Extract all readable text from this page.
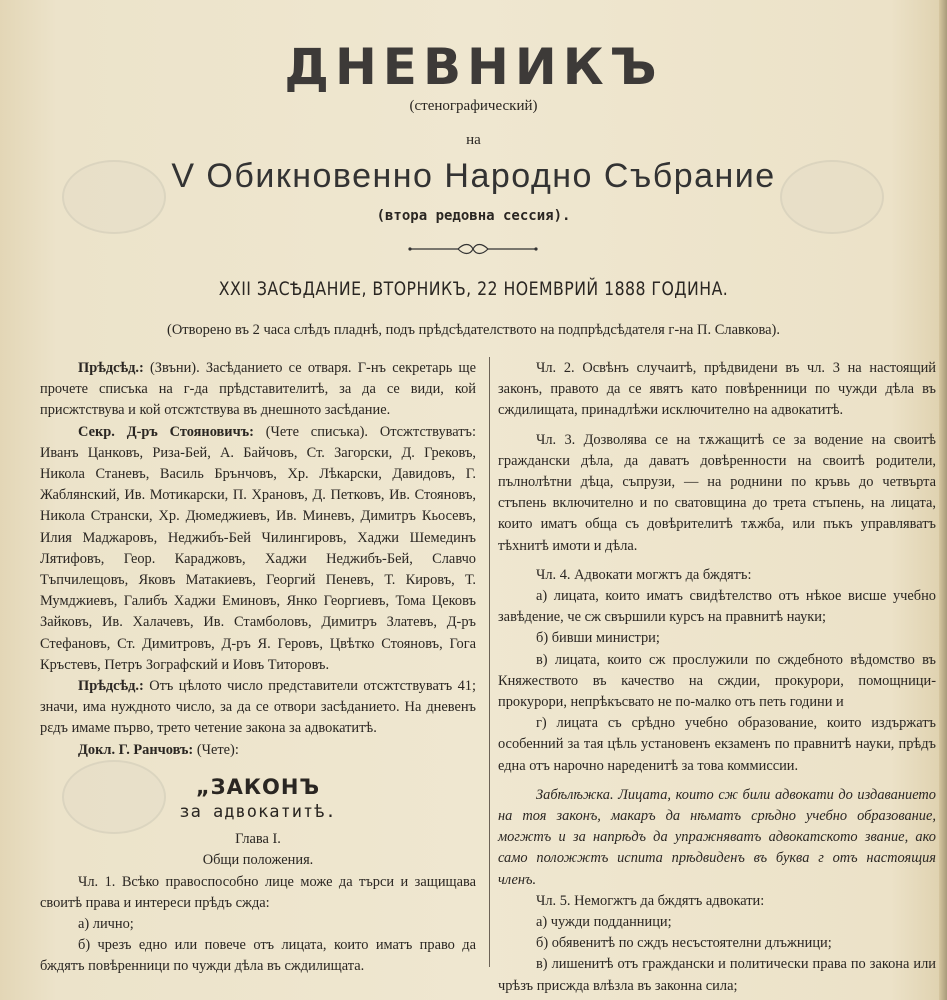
ДНЕВНИКЪ
(стенографический)
на
V Обикновенно Народно Събрание
(втора редовна сессия).
XXII ЗАСѢДАНИЕ, ВТОРНИКЪ, 22 НОЕМВРИЙ 1888 ГОДИНА.
(Отворено въ 2 часа слѣдъ пладнѣ, подъ прѣдсѣдателството на подпрѣдсѣдателя г-на П. Славкова).

Прѣдсѣд.: (Звъни). Засѣданието се отваря. Г-нъ секретарь ще прочете списъка на г-да прѣдставителитѣ, за да се види, кой присжтствува и кой отсжтствува въ днешното засѣдание.

Секр. Д-ръ Стояновичъ: (Чете списъка). Отсжтствуватъ: Иванъ Цанковъ, Риза-Бей, А. Байчовъ, Ст. Загорски, Д. Грековъ, Никола Станевъ, Василь Брънчовъ, Хр. Лѣкарски, Давидовъ, Г. Жаблянский, Ив. Мотикарски, П. Храновъ, Д. Петковъ, Ив. Стояновъ, Никола Странски, Хр. Дюмеджиевъ, Ив. Миневъ, Димитръ Кьосевъ, Илия Маджаровъ, Неджибъ-Бей Чилингировъ, Хаджи Шемединъ Лятифовъ, Геор. Караджовъ, Хаджи Неджибъ-Бей, Славчо Тъпчилещовъ, Яковъ Матакиевъ, Георгий Пеневъ, Т. Кировъ, Т. Мумджиевъ, Галибъ Хаджи Еминовъ, Янко Георгиевъ, Тома Цековъ Зайковъ, Ив. Халачевъ, Ив. Стамболовъ, Димитръ Златевъ, Д-ръ Стефановъ, Ст. Димитровъ, Д-ръ Я. Геровъ, Цвѣтко Стояновъ, Гога Кръстевъ, Петръ Зографский и Иовъ Титоровъ.

Прѣдсѣд.: Отъ цѣлото число представители отсжтствуватъ 41; значи, има нуждното число, за да се отвори засѣданието. На дневенъ рεдъ имаме първо, трето четение закона за адвокатитѣ.

Докл. Г. Ранчовъ: (Чете):

„ЗАКОНЪ
за адвокатитѣ.

Глава I.

Общи положения.

Чл. 1. Всѣко правоспособно лице може да търси и защищава своитѣ права и интереси прѣдъ сжда:

а) лично;

б) чрезъ едно или повече отъ лицата, които иматъ право да бждятъ повѣренници по чужди дѣла въ сждилищата.

Чл. 2. Освѣнъ случаитѣ, прѣдвидени въ чл. 3 на настоящий законъ, правото да се явятъ като повѣренници по чужди дѣла въ сждилищата, принадлѣжи исключително на адвокатитѣ.

Чл. 3. Дозволява се на тѫжащитѣ се за водение на своитѣ граждански дѣла, да даватъ довѣренности на своитѣ родители, пълнолѣтни дѣца, съпрузи, — на роднини по кръвь до четвърта стъпень включително и по сватовщина до трета стъпень, на лицата, които иматъ обща съ довѣрителитѣ тѫжба, или пъкъ управляватъ тѣхнитѣ имоти и дѣла.

Чл. 4. Адвокати могжтъ да бждятъ:

а) лицата, които иматъ свидѣтелство отъ нѣкое висше учебно завѣдение, че сж свършили курсъ на правнитѣ науки;

б) бивши министри;

в) лицата, които сж прослужили по сждебното вѣдомство въ Княжеството въ качество на сждии, прокурори, помощници-прокурори, непрѣкъсвато не по-малко отъ петь години и

г) лицата съ срѣдно учебно образование, които издържатъ особенний за тая цѣль установенъ екзаменъ по правнитѣ науки, прѣдъ една отъ нарочно нареденитѣ за това коммиссии.

Забѣлѣжка. Лицата, които сж били адвокати до издаванието на тоя законъ, макаръ да нѣматъ срѣдно учебно образование, могжтъ и за напрѣдъ да упражняватъ адвокатското звание, ако само положжтъ испита прѣдвиденъ въ буква г отъ настоящия членъ.

Чл. 5. Немогжтъ да бждятъ адвокати:

а) чужди подданници;

б) обявенитѣ по сждъ несъстоятелни длъжници;

в) лишенитѣ отъ граждански и политически права по закона или чрѣзъ присжда влѣзла въ законна сила;
